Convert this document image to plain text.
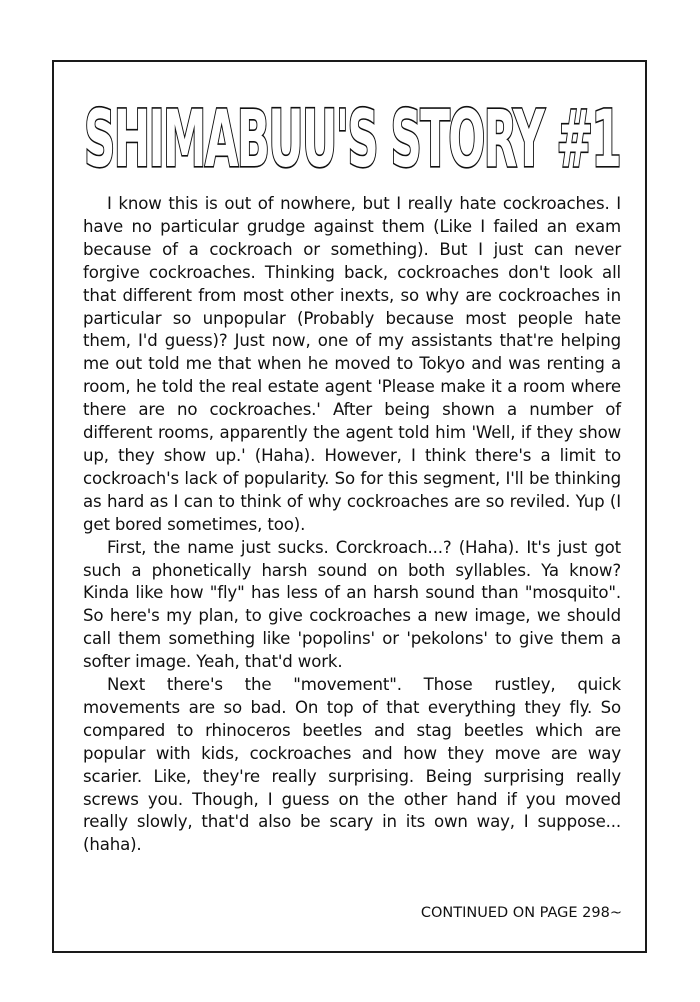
SHIMABUU'S STORY #1

I know this is out of nowhere, but I really hate cockroaches. I have no particular grudge against them (Like I failed an exam because of a cockroach or something). But I just can never forgive cockroaches. Thinking back, cockroaches don't look all that different from most other inexts, so why are cockroaches in particular so unpopular (Probably because most people hate them, I'd guess)? Just now, one of my assistants that're helping me out told me that when he moved to Tokyo and was renting a room, he told the real estate agent 'Please make it a room where there are no cockroaches.' After being shown a number of different rooms, apparently the agent told him 'Well, if they show up, they show up.' (Haha). However, I think there's a limit to cockroach's lack of popularity. So for this segment, I'll be thinking as hard as I can to think of why cockroaches are so reviled. Yup (I get bored sometimes, too).

First, the name just sucks. Corckroach...? (Haha). It's just got such a phonetically harsh sound on both syllables. Ya know? Kinda like how "fly" has less of an harsh sound than "mosquito". So here's my plan, to give cockroaches a new image, we should call them something like 'popolins' or 'pekolons' to give them a softer image. Yeah, that'd work.

Next there's the "movement". Those rustley, quick movements are so bad. On top of that everything they fly. So compared to rhinoceros beetles and stag beetles which are popular with kids, cockroaches and how they move are way scarier. Like, they're really surprising. Being surprising really screws you. Though, I guess on the other hand if you moved really slowly, that'd also be scary in its own way, I suppose... (haha).

CONTINUED ON PAGE 298~
